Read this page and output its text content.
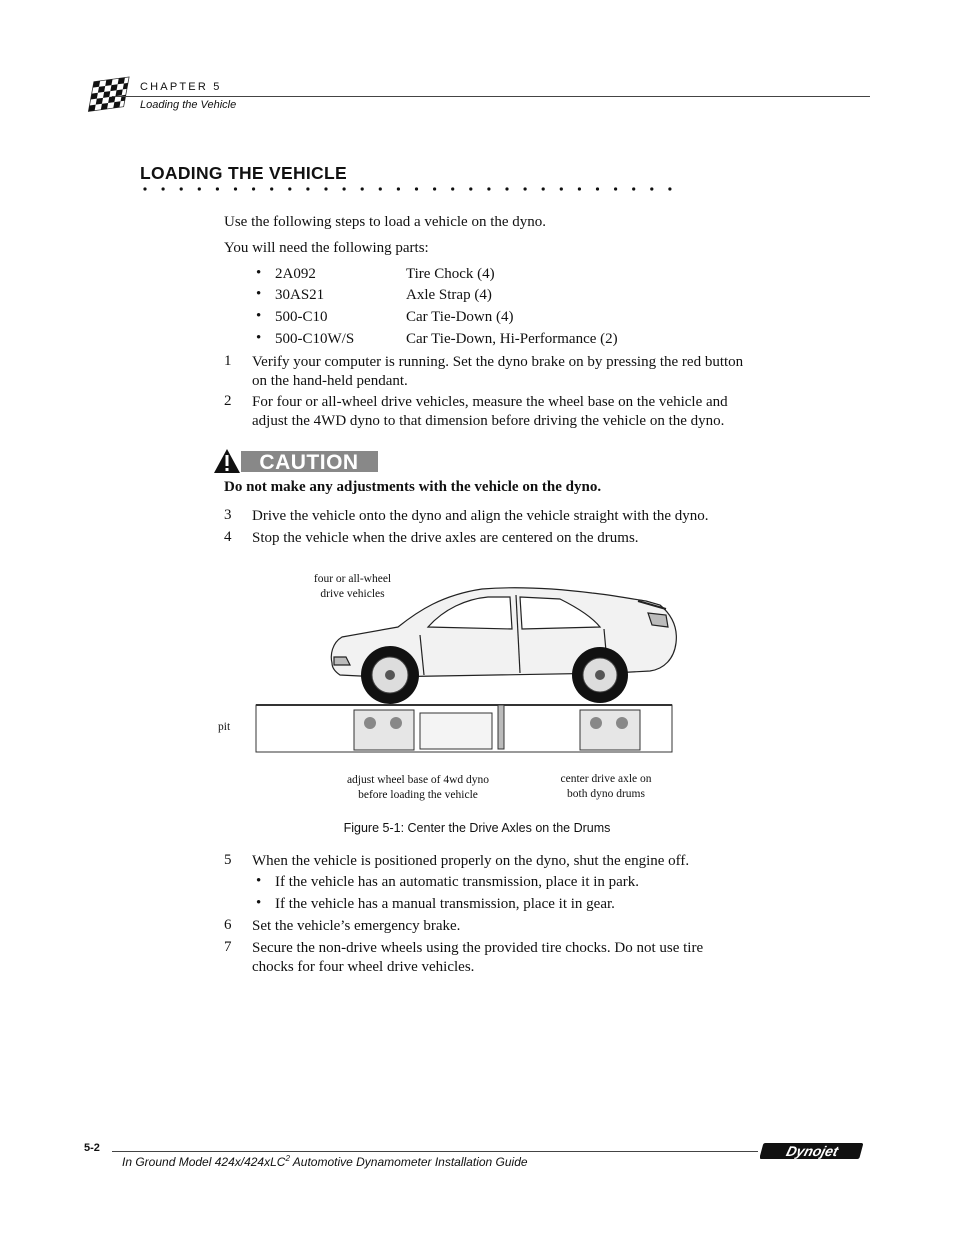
CHAPTER 5
Loading the Vehicle
LOADING THE VEHICLE
Use the following steps to load a vehicle on the dyno.
You will need the following parts:
• 2A092	Tire Chock (4)
• 30AS21	Axle Strap (4)
• 500-C10	Car Tie-Down (4)
• 500-C10W/S	Car Tie-Down, Hi-Performance (2)
1 Verify your computer is running. Set the dyno brake on by pressing the red button
on the hand-held pendant.
2 For four or all-wheel drive vehicles, measure the wheel base on the vehicle and
adjust the 4WD dyno to that dimension before driving the vehicle on the dyno.
CAUTION
Do not make any adjustments with the vehicle on the dyno.
3 Drive the vehicle onto the dyno and align the vehicle straight with the dyno.
4 Stop the vehicle when the drive axles are centered on the drums.
four or all-wheel
drive vehicles
pit
adjust wheel base of 4wd dyno
before loading the vehicle
center drive axle on
both dyno drums
Figure 5-1: Center the Drive Axles on the Drums
5 When the vehicle is positioned properly on the dyno, shut the engine off.
• If the vehicle has an automatic transmission, place it in park.
• If the vehicle has a manual transmission, place it in gear.
6 Set the vehicle’s emergency brake.
7 Secure the non-drive wheels using the provided tire chocks. Do not use tire
chocks for four wheel drive vehicles.
5-2
In Ground Model 424x/424xLC$^2$ Automotive Dynamometer Installation Guide
Dynojet
